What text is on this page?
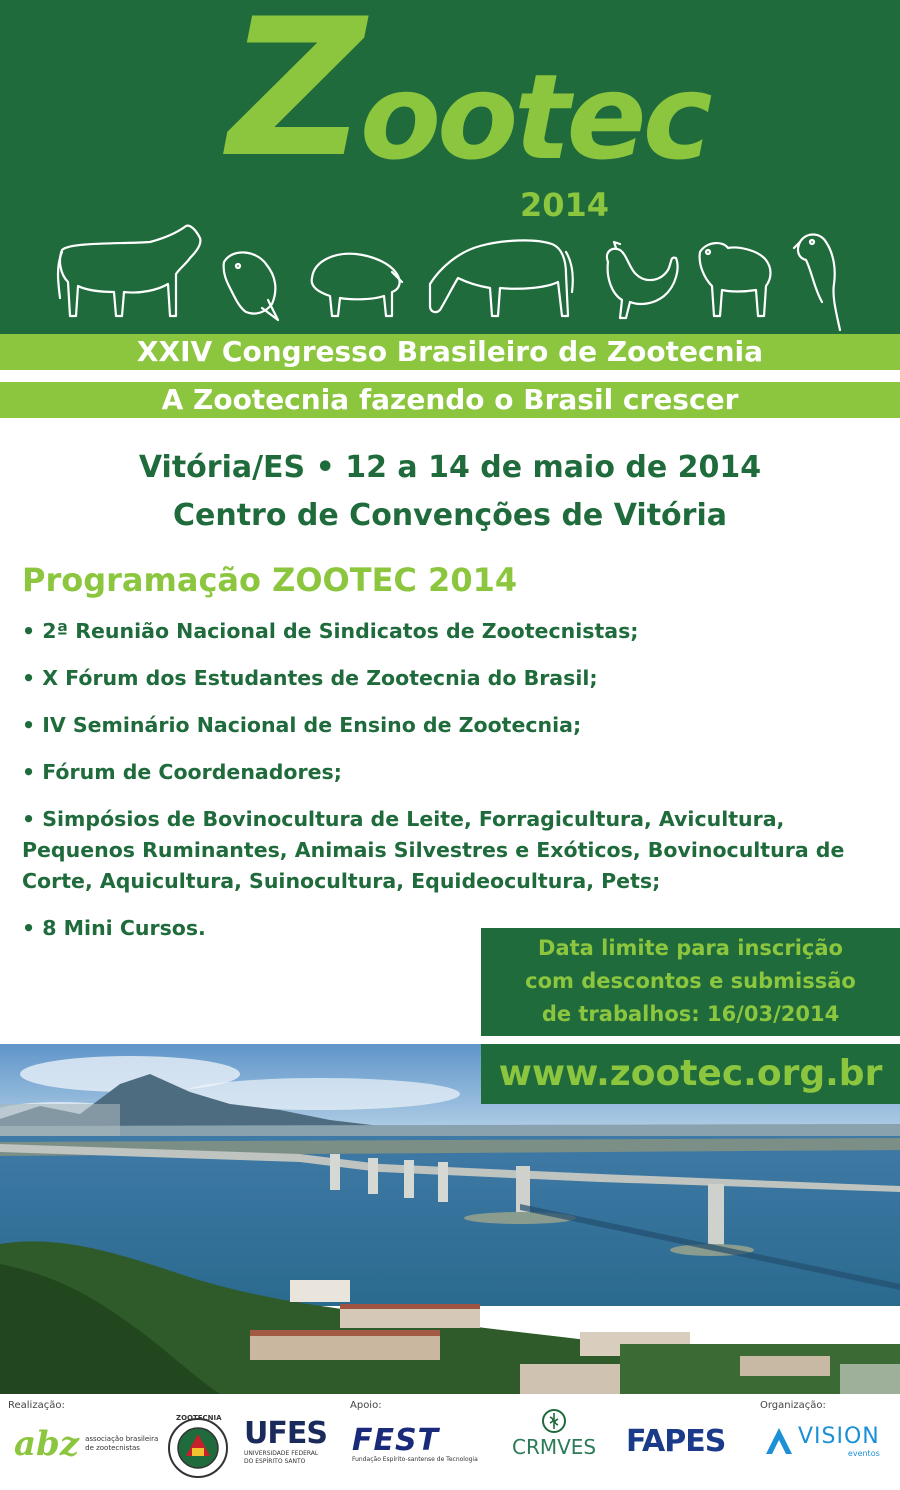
Z ootec
2014
XXIV Congresso Brasileiro de Zootecnia
A Zootecnia fazendo o Brasil crescer
Vitória/ES • 12 a 14 de maio de 2014
Centro de Convenções de Vitória
Programação ZOOTEC 2014
• 2ª Reunião Nacional de Sindicatos de Zootecnistas;
• X Fórum dos Estudantes de Zootecnia do Brasil;
• IV Seminário Nacional de Ensino de Zootecnia;
• Fórum de Coordenadores;
• Simpósios de Bovinocultura de Leite, Forragicultura, Avicultura, Pequenos Ruminantes, Animais Silvestres e Exóticos, Bovinocultura de Corte, Aquicultura, Suinocultura, Equideocultura, Pets;
• 8 Mini Cursos.
Data limite para inscrição
com descontos e submissão
de trabalhos: 16/03/2014
www.zootec.org.br
Realização:	Apoio:	Organização:
abz associação brasileira
de zootecnistas
ZOOTECNIA UFES
UNIVERSIDADE FEDERAL
DO ESPÍRITO SANTO
FEST
Fundação Espírito-santense de Tecnologia
CRMVES FAPES	VISION
eventos
